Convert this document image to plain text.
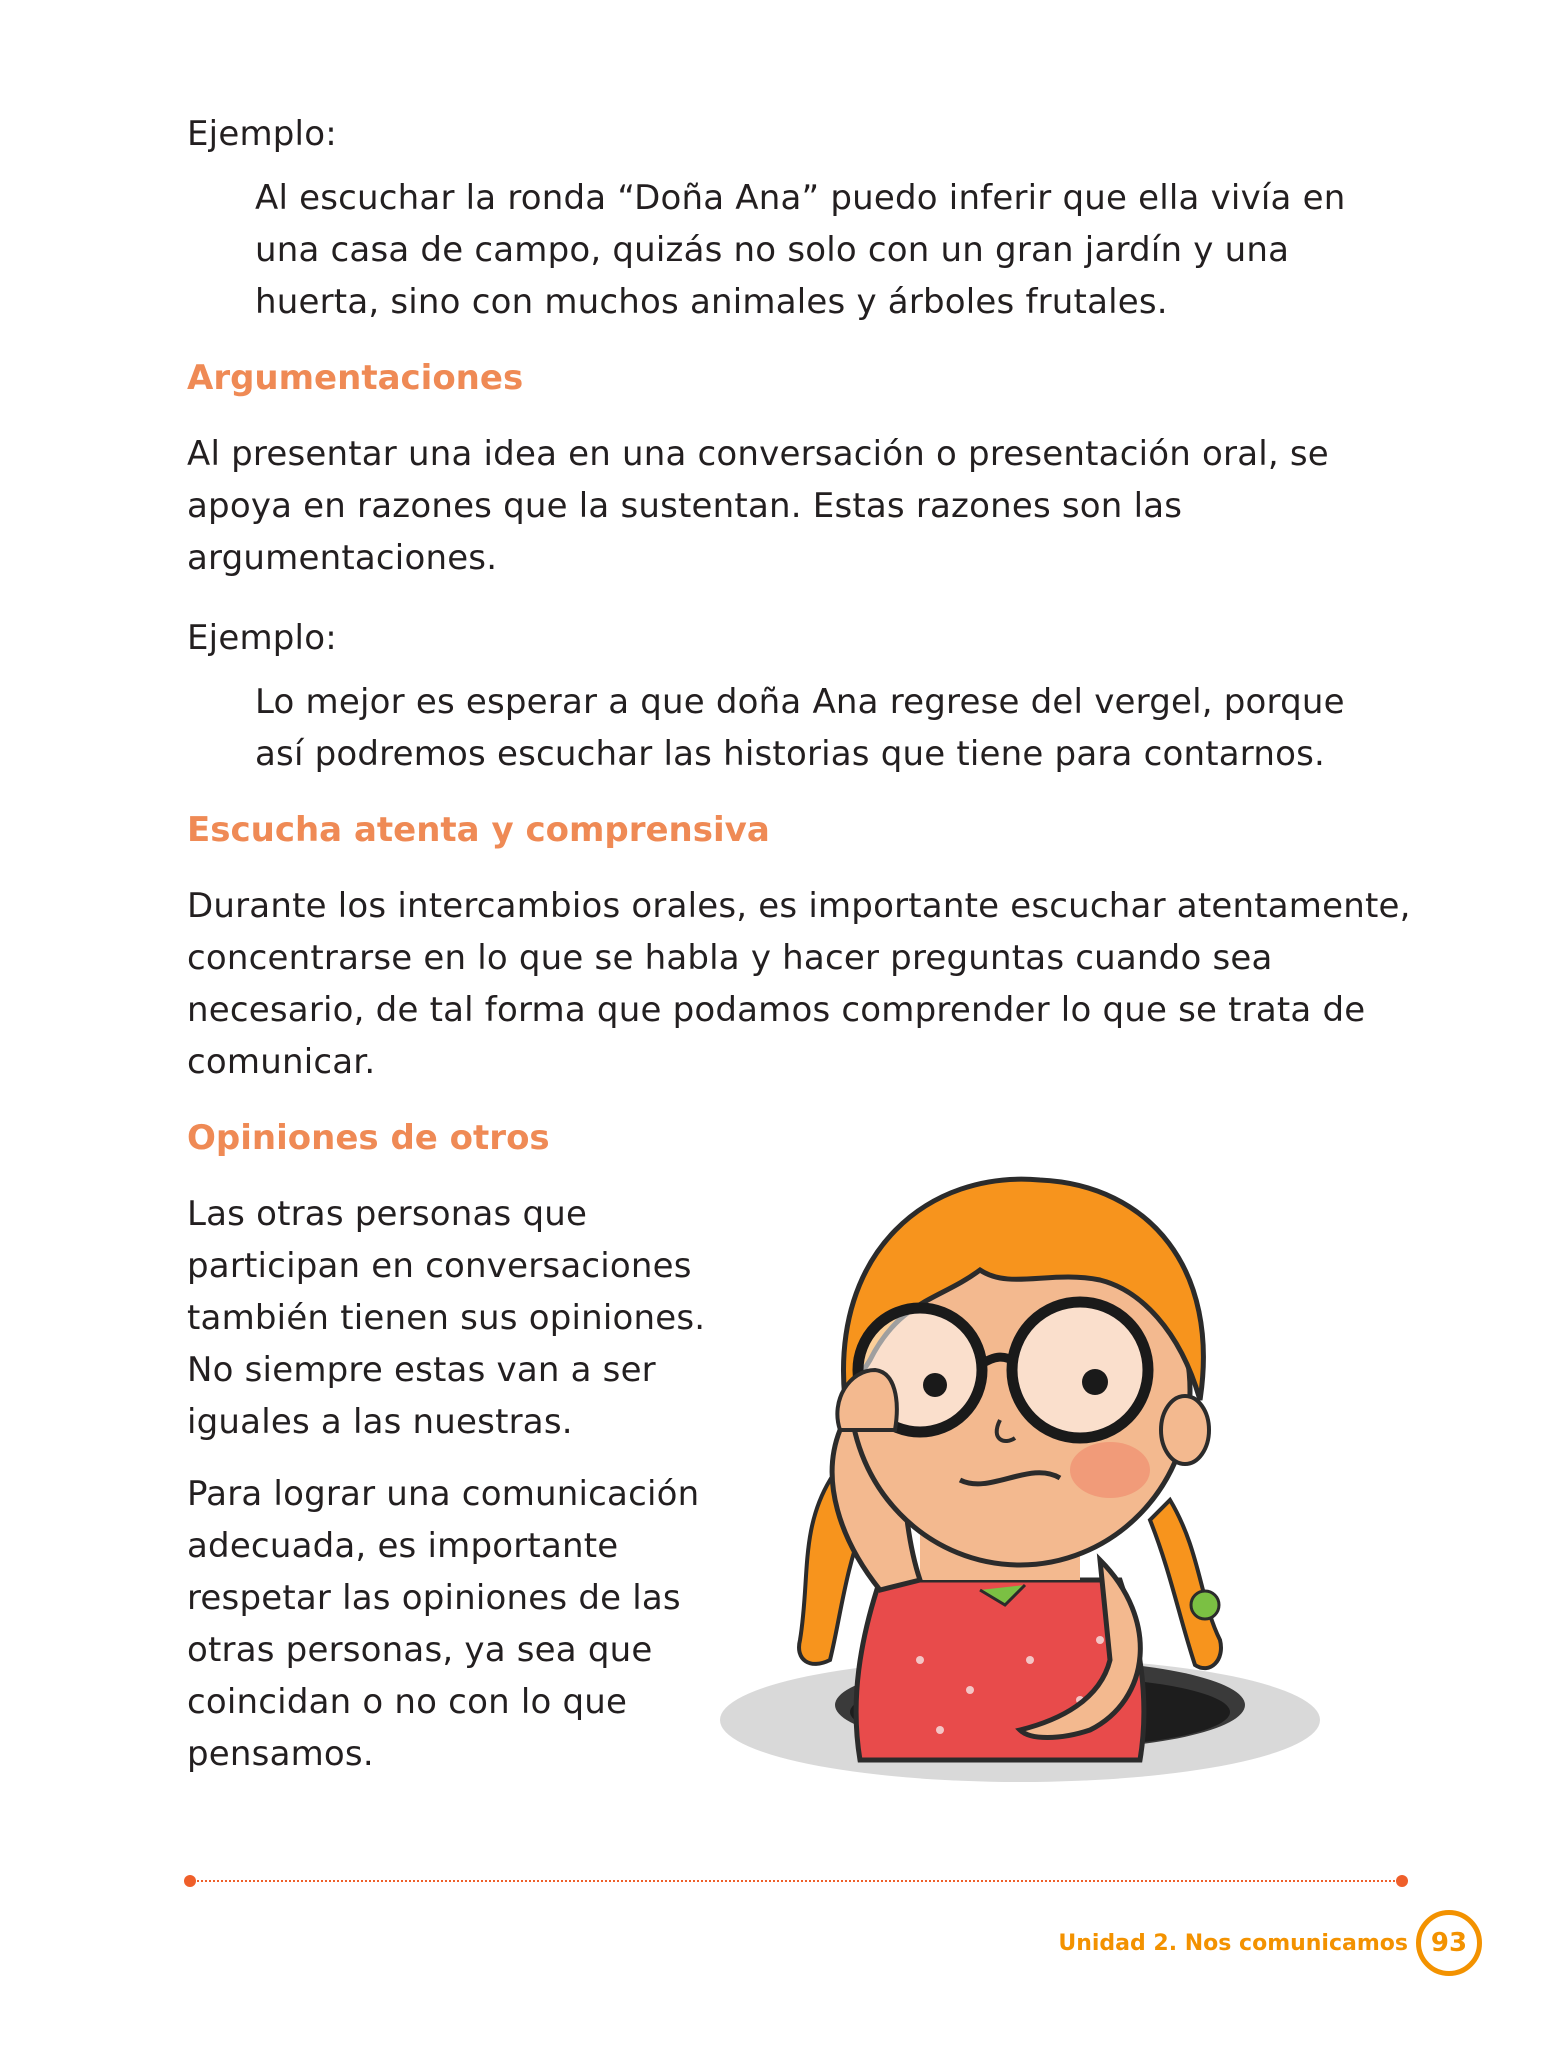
Ejemplo:

Al escuchar la ronda “Doña Ana” puedo inferir que ella vivía en una casa de campo, quizás no solo con un gran jardín y una huerta, sino con muchos animales y árboles frutales.

Argumentaciones

Al presentar una idea en una conversación o presentación oral, se apoya en razones que la sustentan. Estas razones son las argumentaciones.

Ejemplo:

Lo mejor es esperar a que doña Ana regrese del vergel, porque así podremos escuchar las historias que tiene para contarnos.

Escucha atenta y comprensiva

Durante los intercambios orales, es importante escuchar atentamente, concentrarse en lo que se habla y hacer preguntas cuando sea necesario, de tal forma que podamos comprender lo que se trata de comunicar.

Opiniones de otros

Las otras personas que participan en conversaciones también tienen sus opiniones. No siempre estas van a ser iguales a las nuestras.

Para lograr una comunicación adecuada, es importante respetar las opiniones de las otras personas, ya sea que coincidan o no con lo que pensamos.

Unidad 2. Nos comunicamos 93
